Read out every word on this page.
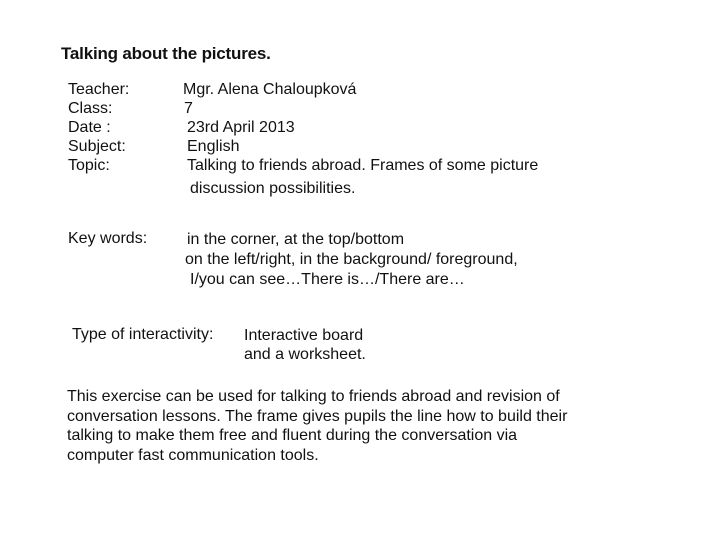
Talking about the pictures.
Teacher:
Class:
Date :
Subject:
Topic:
Mgr. Alena Chaloupková
7
23rd April 2013
English
Talking to friends abroad. Frames of some picture
discussion possibilities.
Key words: in the corner, at the top/bottom
on the left/right, in the background/ foreground,
I/you can see…There is…/There are…
Type of interactivity: Interactive board
and a worksheet.
This exercise can be used for talking to friends abroad and revision of
conversation lessons. The frame gives pupils the line how to build their
talking to make them free and fluent during the conversation via
computer fast communication tools.
